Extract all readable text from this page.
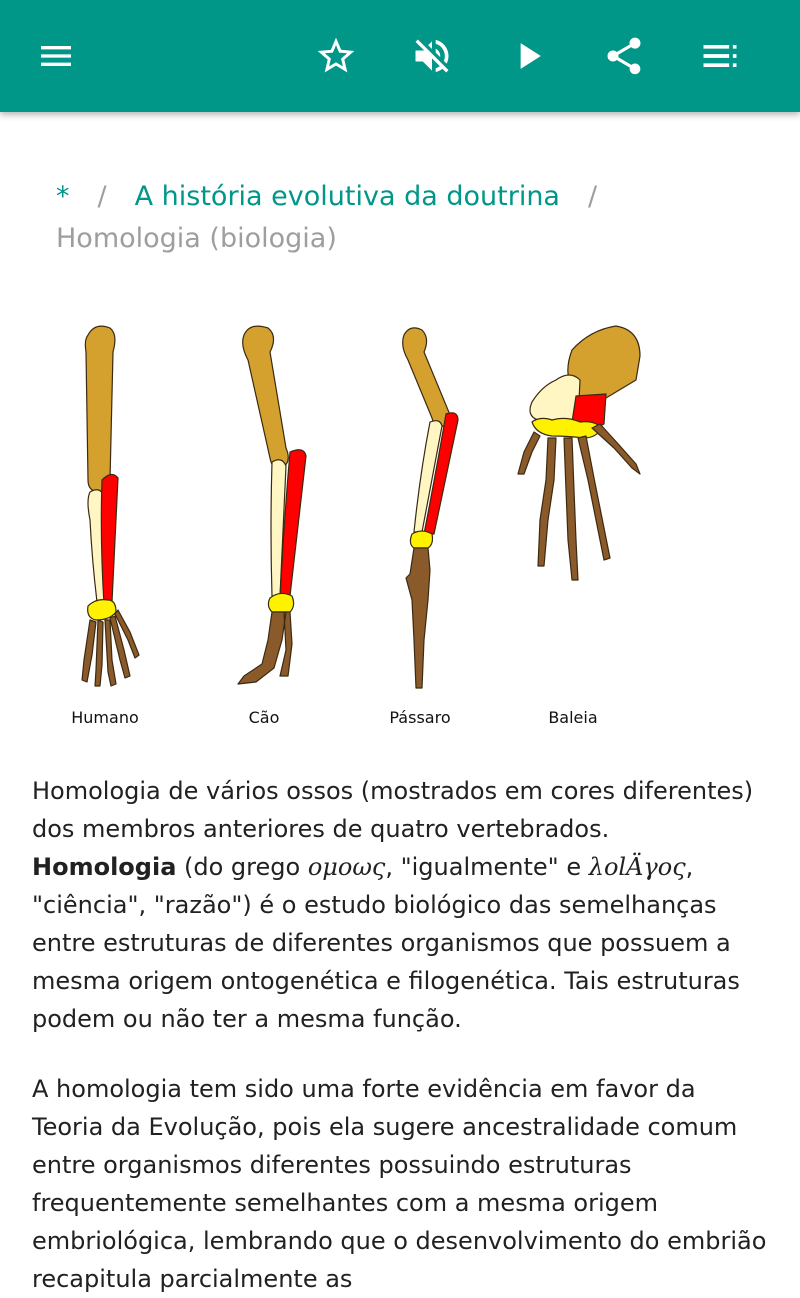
* / A história evolutiva da doutrina /
Homologia (biologia)
Humano	Cão	Pássaro	Baleia

Homologia de vários ossos (mostrados em cores diferentes) dos membros anteriores de quatro vertebrados.

Homologia (do grego ομοως, "igualmente" e λοlÄγος, "ciência", "razão") é o estudo biológico das semelhanças entre estruturas de diferentes organismos que possuem a mesma origem ontogenética e filogenética. Tais estruturas podem ou não ter a mesma função.

A homologia tem sido uma forte evidência em favor da Teoria da Evolução, pois ela sugere ancestralidade comum entre organismos diferentes possuindo estruturas frequentemente semelhantes com a mesma origem embriológica, lembrando que o desenvolvimento do embrião recapitula parcialmente as
